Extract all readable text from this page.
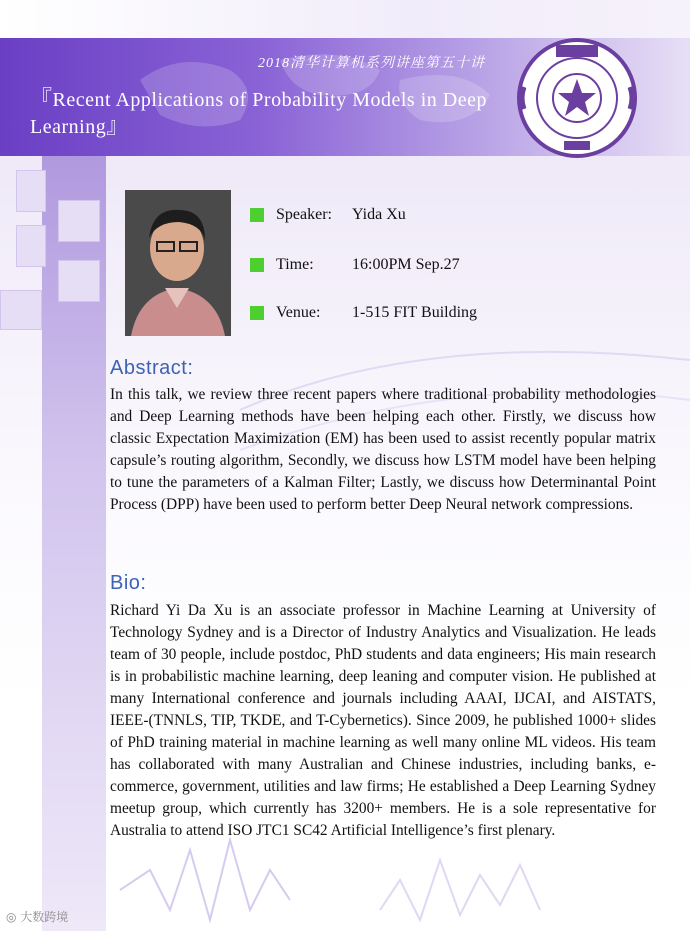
2018清华计算机系列讲座第五十讲
『Recent Applications of Probability Models in Deep Learning』
Speaker:	Yida Xu
Time:	16:00PM Sep.27
Venue:	1-515 FIT Building
Abstract:
In this talk, we review three recent papers where traditional probability methodologies and Deep Learning methods have been helping each other. Firstly, we discuss how classic Expectation Maximization (EM) has been used to assist recently popular matrix capsule’s routing algorithm, Secondly, we discuss how LSTM model have been helping to tune the parameters of a Kalman Filter; Lastly, we discuss how Determinantal Point Process (DPP) have been used to perform better Deep Neural network compressions.
Bio:
Richard Yi Da Xu is an associate professor in Machine Learning at University of Technology Sydney and is a Director of Industry Analytics and Visualization. He leads team of 30 people, include postdoc, PhD students and data engineers; His main research is in probabilistic machine learning, deep leaning and computer vision. He published at many International conference and journals including AAAI, IJCAI, and AISTATS, IEEE-(TNNLS, TIP, TKDE, and T-Cybernetics). Since 2009, he published 1000+ slides of PhD training material in machine learning as well many online ML videos. His team has collaborated with many Australian and Chinese industries, including banks, e-commerce, government, utilities and law firms; He established a Deep Learning Sydney meetup group, which currently has 3200+ members. He is a sole representative for Australia to attend ISO JTC1 SC42 Artificial Intelligence’s first plenary.
◎ 大数跨境
